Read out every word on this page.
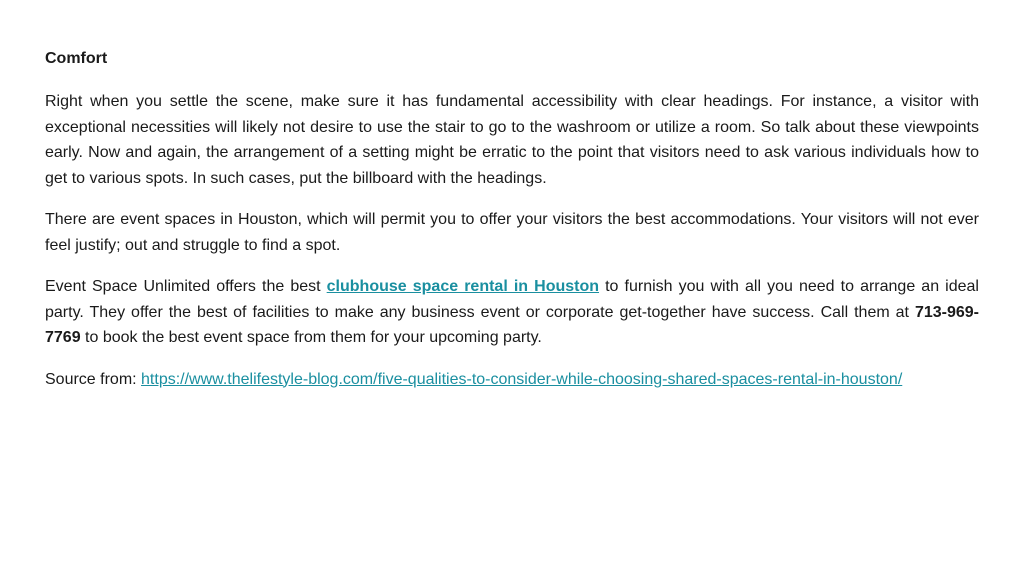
Comfort

Right when you settle the scene, make sure it has fundamental accessibility with clear headings. For instance, a visitor with exceptional necessities will likely not desire to use the stair to go to the washroom or utilize a room. So talk about these viewpoints early. Now and again, the arrangement of a setting might be erratic to the point that visitors need to ask various individuals how to get to various spots. In such cases, put the billboard with the headings.

There are event spaces in Houston, which will permit you to offer your visitors the best accommodations. Your visitors will not ever feel justify; out and struggle to find a spot.

Event Space Unlimited offers the best clubhouse space rental in Houston to furnish you with all you need to arrange an ideal party. They offer the best of facilities to make any business event or corporate get-together have success. Call them at 713-969-7769 to book the best event space from them for your upcoming party.

Source from: https://www.thelifestyle-blog.com/five-qualities-to-consider-while-choosing-shared-spaces-rental-in-houston/
